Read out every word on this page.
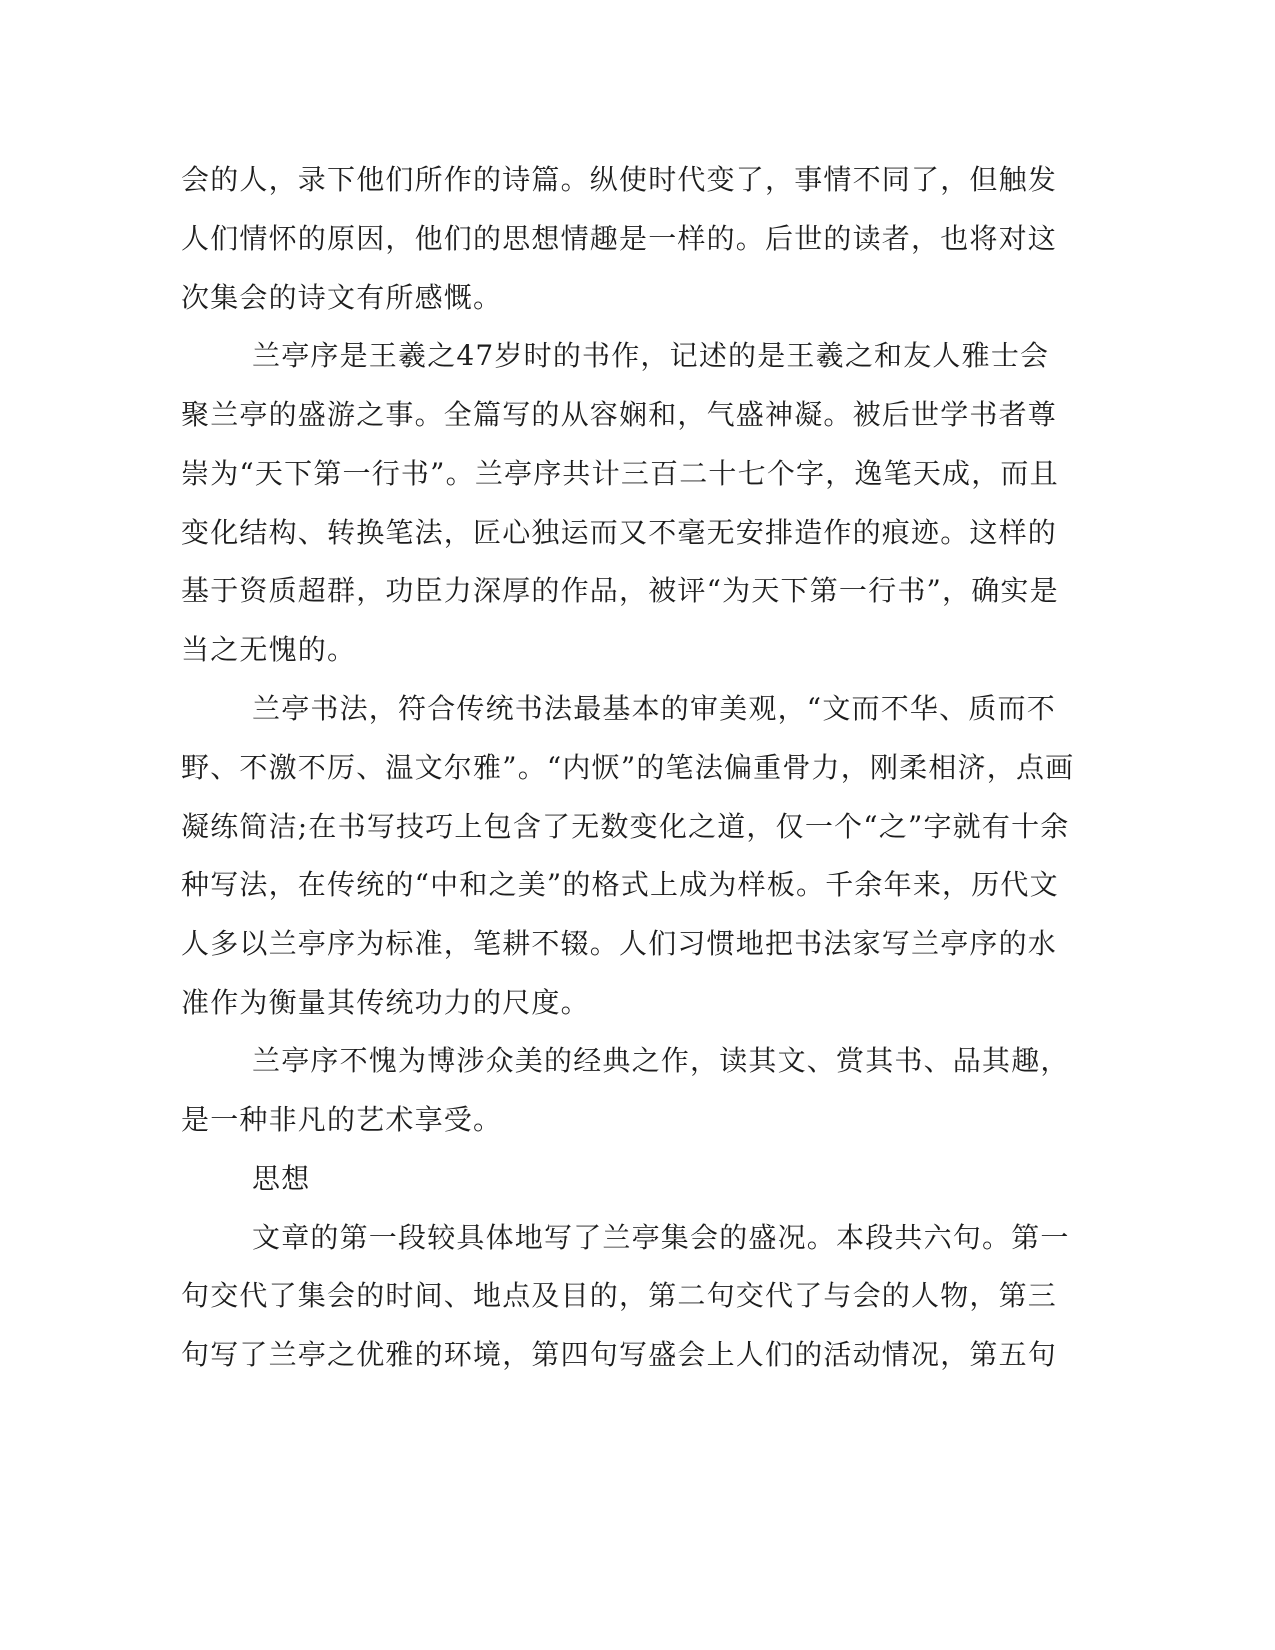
会的人，录下他们所作的诗篇。纵使时代变了，事情不同了，但触发

人们情怀的原因，他们的思想情趣是一样的。后世的读者，也将对这

次集会的诗文有所感慨。

兰亭序是王羲之47岁时的书作，记述的是王羲之和友人雅士会

聚兰亭的盛游之事。全篇写的从容娴和，气盛神凝。被后世学书者尊

崇为“天下第一行书”。兰亭序共计三百二十七个字，逸笔天成，而且

变化结构、转换笔法，匠心独运而又不毫无安排造作的痕迹。这样的

基于资质超群，功臣力深厚的作品，被评“为天下第一行书”，确实是

当之无愧的。

兰亭书法，符合传统书法最基本的审美观，“文而不华、质而不

野、不激不厉、温文尔雅”。“内恹”的笔法偏重骨力，刚柔相济，点画

凝练简洁;在书写技巧上包含了无数变化之道，仅一个“之”字就有十余

种写法，在传统的“中和之美”的格式上成为样板。千余年来，历代文

人多以兰亭序为标准，笔耕不辍。人们习惯地把书法家写兰亭序的水

准作为衡量其传统功力的尺度。

兰亭序不愧为博涉众美的经典之作，读其文、赏其书、品其趣，

是一种非凡的艺术享受。

思想

文章的第一段较具体地写了兰亭集会的盛况。本段共六句。第一

句交代了集会的时间、地点及目的，第二句交代了与会的人物，第三

句写了兰亭之优雅的环境，第四句写盛会上人们的活动情况，第五句
